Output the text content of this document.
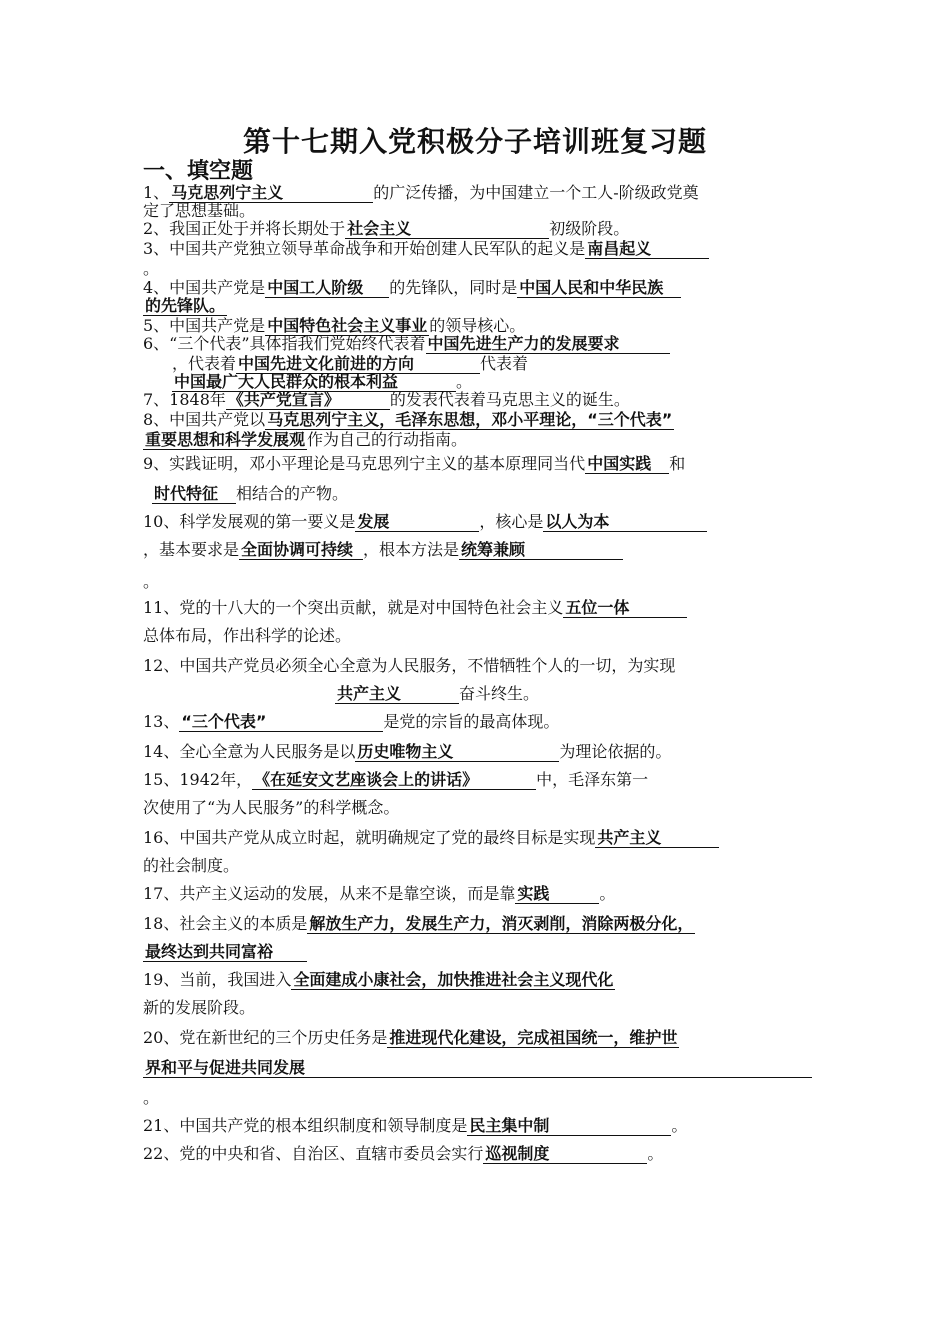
第十七期入党积极分子培训班复习题
一、填空题
1、 马克思列宁主义	的广泛传播，为中国建立一个工人-阶级政党奠
定了思想基础。
2、我国正处于并将长期处于 社会主义	初级阶段。
3、中国共产党独立领导革命战争和开始创建人民军队的起义是 南昌起义
。
4、中国共产党是 中国工人阶级 的先锋队，同时是 中国人民和中华民族
的先锋队。
5、中国共产党是 中国特色社会主义事业 的领导核心。
6、“三个代表”具体指我们党始终代表着 中国先进生产力的发展要求
，代表着 中国先进文化前进的方向	代表着
中国最广大人民群众的根本利益	。
7、1848年 《共产党宣言》	的发表代表着马克思主义的诞生。
8、中国共产党以 马克思列宁主义，毛泽东思想，邓小平理论，“三个代表”
重要思想和科学发展观 作为自己的行动指南。
9、实践证明，邓小平理论是马克思列宁主义的基本原理同当代 中国实践 和
时代特征 相结合的产物。
10、科学发展观的第一要义是 发展	，核心是 以人为本
，基本要求是 全面协调可持续 ，根本方法是 统筹兼顾
。
11、党的十八大的一个突出贡献，就是对中国特色社会主义 五位一体
总体布局，作出科学的论述。
12、中国共产党员必须全心全意为人民服务，不惜牺牲个人的一切，为实现
共产主义	奋斗终生。
13、 “三个代表”	是党的宗旨的最高体现。
14、全心全意为人民服务是以 历史唯物主义	为理论依据的。
15、1942年， 《在延安文艺座谈会上的讲话》	中，毛泽东第一
次使用了“为人民服务”的科学概念。
16、中国共产党从成立时起，就明确规定了党的最终目标是实现 共产主义
的社会制度。
17、共产主义运动的发展，从来不是靠空谈，而是靠 实践	。
18、社会主义的本质是 解放生产力，发展生产力，消灭剥削，消除两极分化，
最终达到共同富裕
19、当前，我国进入 全面建成小康社会，加快推进社会主义现代化
新的发展阶段。
20、党在新世纪的三个历史任务是 推进现代化建设，完成祖国统一，维护世
界和平与促进共同发展
。
21、中国共产党的根本组织制度和领导制度是 民主集中制	。
22、党的中央和省、自治区、直辖市委员会实行 巡视制度	。
